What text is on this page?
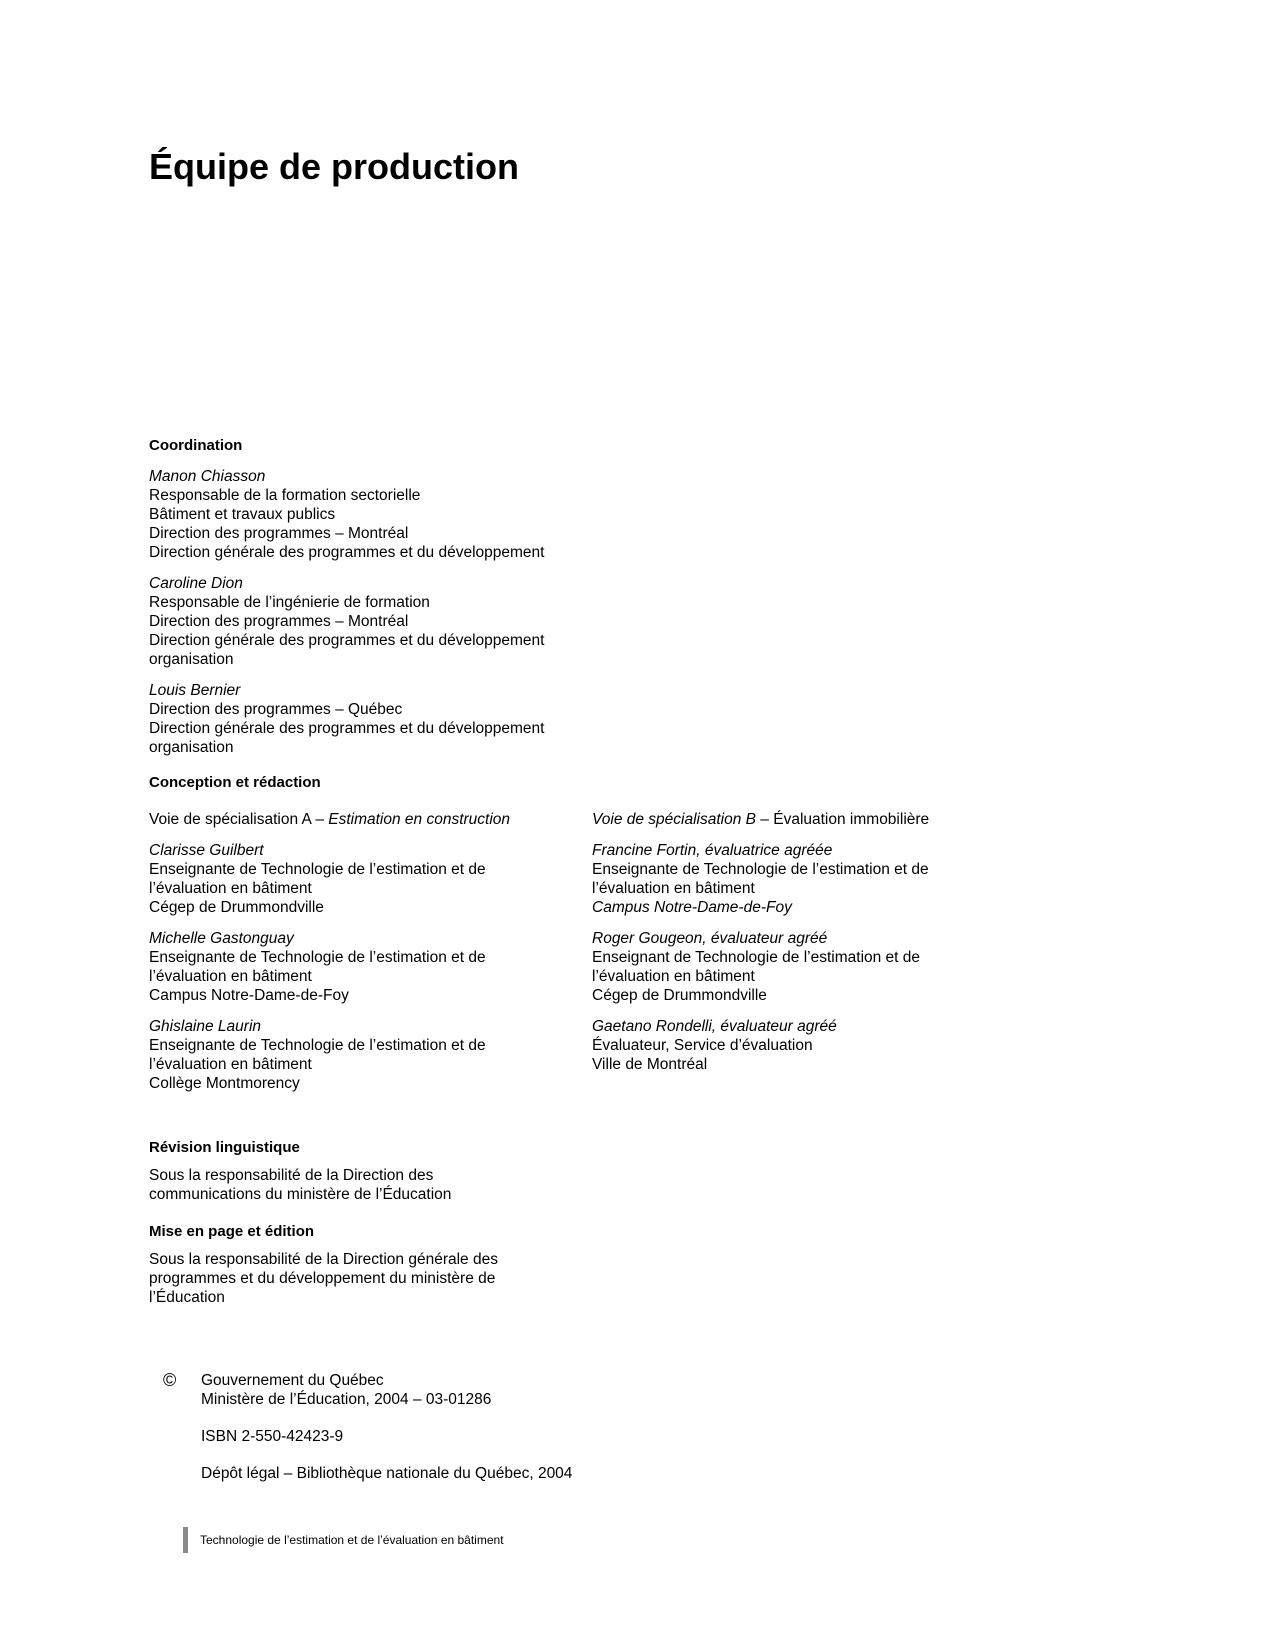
Équipe de production
Coordination
Manon Chiasson
Responsable de la formation sectorielle
Bâtiment et travaux publics
Direction des programmes – Montréal
Direction générale des programmes et du développement
Caroline Dion
Responsable de l’ingénierie de formation
Direction des programmes – Montréal
Direction générale des programmes et du développement
organisation
Louis Bernier
Direction des programmes – Québec
Direction générale des programmes et du développement
organisation
Conception et rédaction
Voie de spécialisation A – Estimation en construction
Clarisse Guilbert
Enseignante de Technologie de l’estimation et de
l’évaluation en bâtiment
Cégep de Drummondville
Michelle Gastonguay
Enseignante de Technologie de l’estimation et de
l’évaluation en bâtiment
Campus Notre-Dame-de-Foy
Ghislaine Laurin
Enseignante de Technologie de l’estimation et de
l’évaluation en bâtiment
Collège Montmorency
Voie de spécialisation B – Évaluation immobilière
Francine Fortin, évaluatrice agréée
Enseignante de Technologie de l’estimation et de
l’évaluation en bâtiment
Campus Notre-Dame-de-Foy
Roger Gougeon, évaluateur agréé
Enseignant de Technologie de l’estimation et de
l’évaluation en bâtiment
Cégep de Drummondville
Gaetano Rondelli, évaluateur agréé
Évaluateur, Service d’évaluation
Ville de Montréal
Révision linguistique
Sous la responsabilité de la Direction des
communications du ministère de l’Éducation
Mise en page et édition
Sous la responsabilité de la Direction générale des
programmes et du développement du ministère de
l’Éducation
© Gouvernement du Québec
Ministère de l’Éducation, 2004 – 03-01286
ISBN 2-550-42423-9
Dépôt légal – Bibliothèque nationale du Québec, 2004
Technologie de l’estimation et de l’évaluation en bâtiment
